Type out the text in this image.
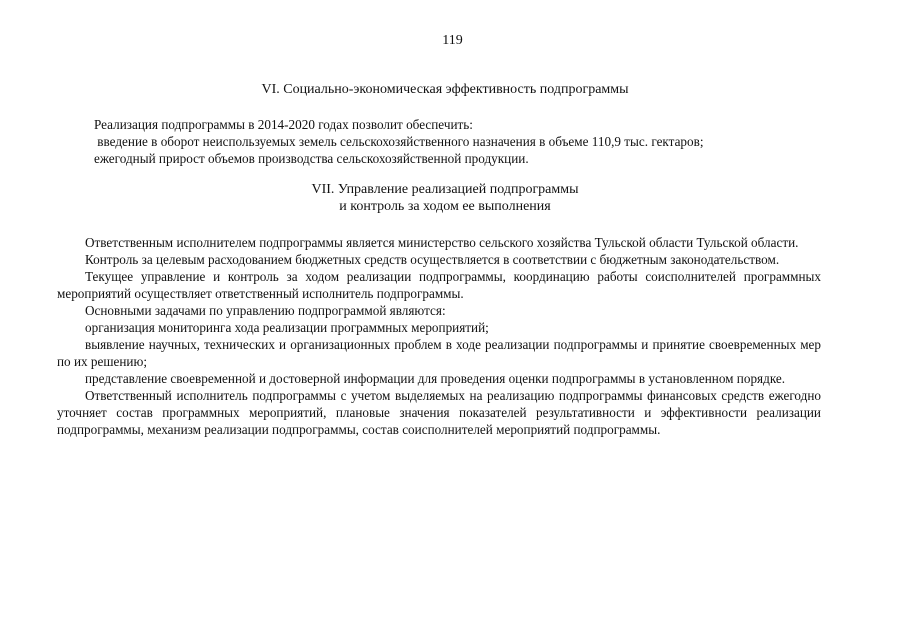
119
VI. Социально-экономическая эффективность подпрограммы
Реализация подпрограммы в 2014-2020 годах позволит обеспечить:
введение в оборот неиспользуемых земель сельскохозяйственного назначения в объеме 110,9 тыс. гектаров;
ежегодный прирост объемов производства сельскохозяйственной продукции.
VII. Управление реализацией подпрограммы
и контроль за ходом ее выполнения

Ответственным исполнителем подпрограммы является министерство сельского хозяйства Тульской области Тульской области.

Контроль за целевым расходованием бюджетных средств осуществляется в соответствии с бюджетным законодательством.

Текущее управление и контроль за ходом реализации подпрограммы, координацию работы соисполнителей программных мероприятий осуществляет ответственный исполнитель подпрограммы.

Основными задачами по управлению подпрограммой являются:

организация мониторинга хода реализации программных мероприятий;

выявление научных, технических и организационных проблем в ходе реализации подпрограммы и принятие своевременных мер по их решению;

представление своевременной и достоверной информации для проведения оценки подпрограммы в установленном порядке.

Ответственный исполнитель подпрограммы с учетом выделяемых на реализацию подпрограммы финансовых средств ежегодно уточняет состав программных мероприятий, плановые значения показателей результативности и эффективности реализации подпрограммы, механизм реализации подпрограммы, состав соисполнителей мероприятий подпрограммы.
